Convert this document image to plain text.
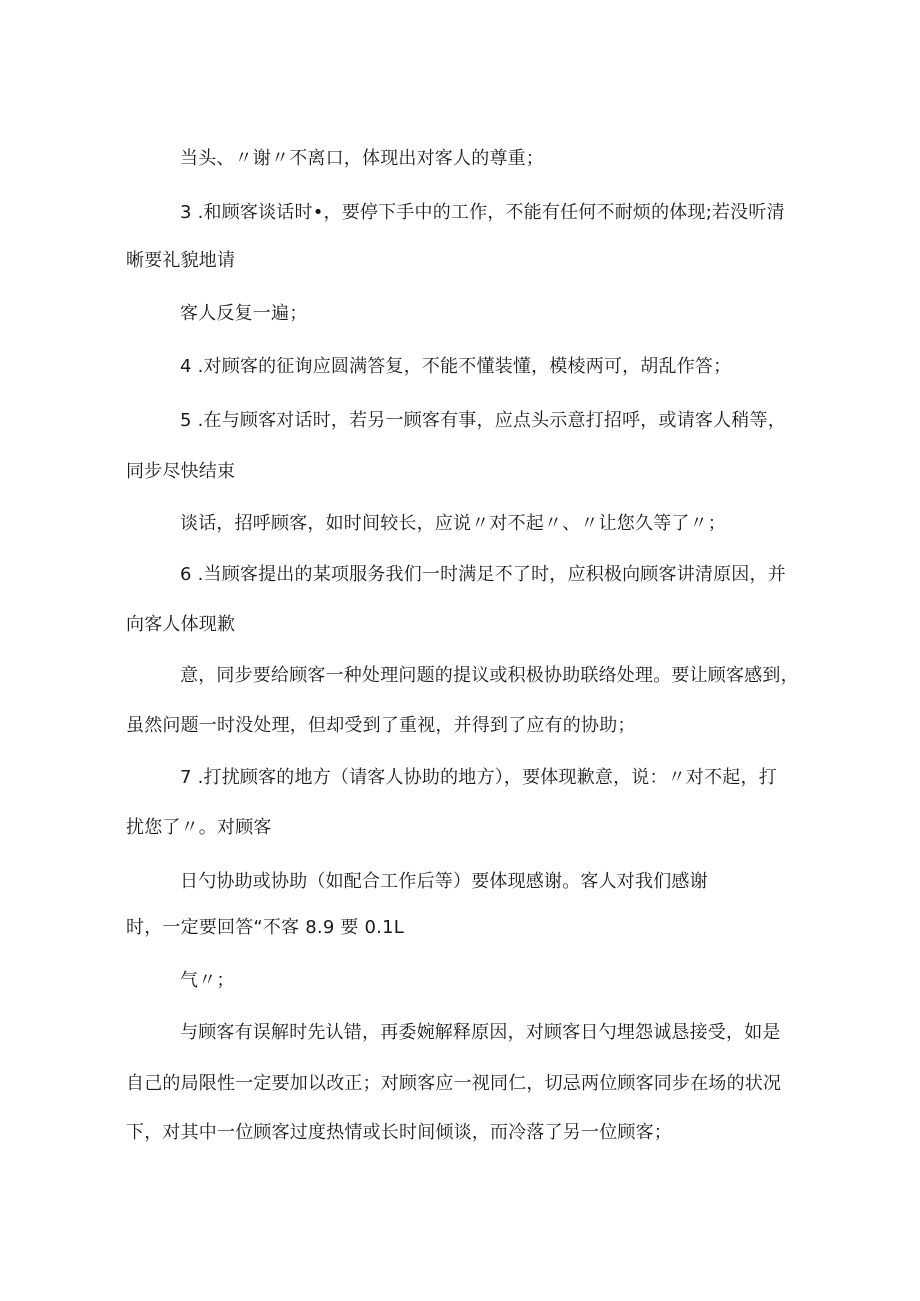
当头、〃谢〃不离口，体现出对客人的尊重；
3 .和顾客谈话时•，要停下手中的工作，不能有任何不耐烦的体现;若没听清
晰要礼貌地请
客人反复一遍；
4 .对顾客的征询应圆满答复，不能不懂装懂，模棱两可，胡乱作答；
5 .在与顾客对话时，若另一顾客有事，应点头示意打招呼，或请客人稍等，
同步尽快结束
谈话，招呼顾客，如时间较长，应说〃对不起〃、〃让您久等了〃；
6 .当顾客提出的某项服务我们一时满足不了时，应积极向顾客讲清原因，并
向客人体现歉
意，同步要给顾客一种处理问题的提议或积极协助联络处理。要让顾客感到，
虽然问题一时没处理，但却受到了重视，并得到了应有的协助；
7 .打扰顾客的地方（请客人协助的地方），要体现歉意，说：〃对不起，打
扰您了〃。对顾客
日勺协助或协助（如配合工作后等）要体现感谢。客人对我们感谢
时，一定要回答“不客 8.9 要 0.1L
气〃；
与顾客有误解时先认错，再委婉解释原因，对顾客日勺埋怨诚恳接受，如是
自己的局限性一定要加以改正；对顾客应一视同仁，切忌两位顾客同步在场的状况
下，对其中一位顾客过度热情或长时间倾谈，而冷落了另一位顾客；
